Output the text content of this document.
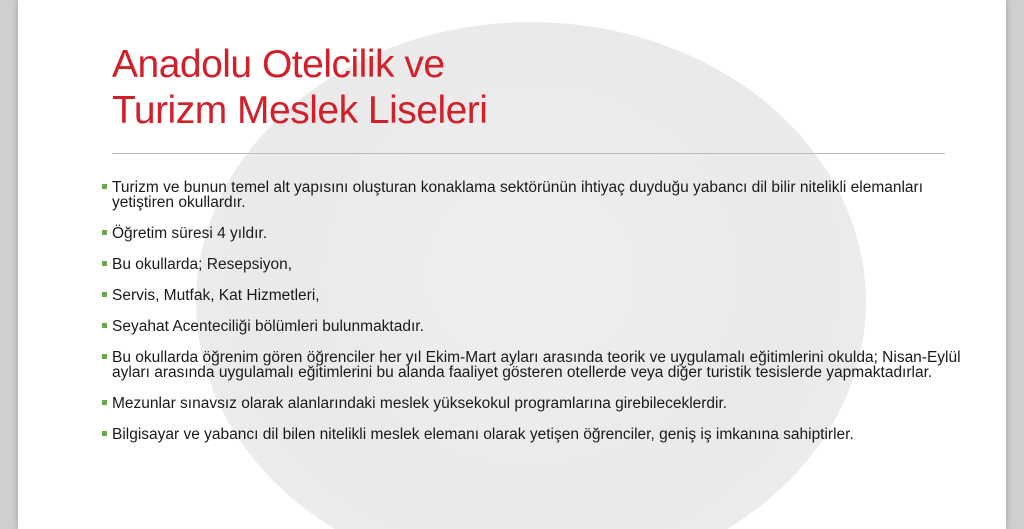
Anadolu Otelcilik ve
Turizm Meslek Liseleri
Turizm ve bunun temel alt yapısını oluşturan konaklama sektörünün ihtiyaç duyduğu yabancı dil bilir nitelikli elemanları yetiştiren okullardır.
Öğretim süresi 4 yıldır.
Bu okullarda; Resepsiyon,
Servis, Mutfak, Kat Hizmetleri,
Seyahat Acenteciliği bölümleri bulunmaktadır.
Bu okullarda öğrenim gören öğrenciler her yıl Ekim-Mart ayları arasında teorik ve uygulamalı eğitimlerini okulda; Nisan-Eylül ayları arasında uygulamalı eğitimlerini bu alanda faaliyet gösteren otellerde veya diğer turistik tesislerde yapmaktadırlar.
Mezunlar sınavsız olarak alanlarındaki meslek yüksekokul programlarına girebileceklerdir.
Bilgisayar ve yabancı dil bilen nitelikli meslek elemanı olarak yetişen öğrenciler, geniş iş imkanına sahiptirler.
